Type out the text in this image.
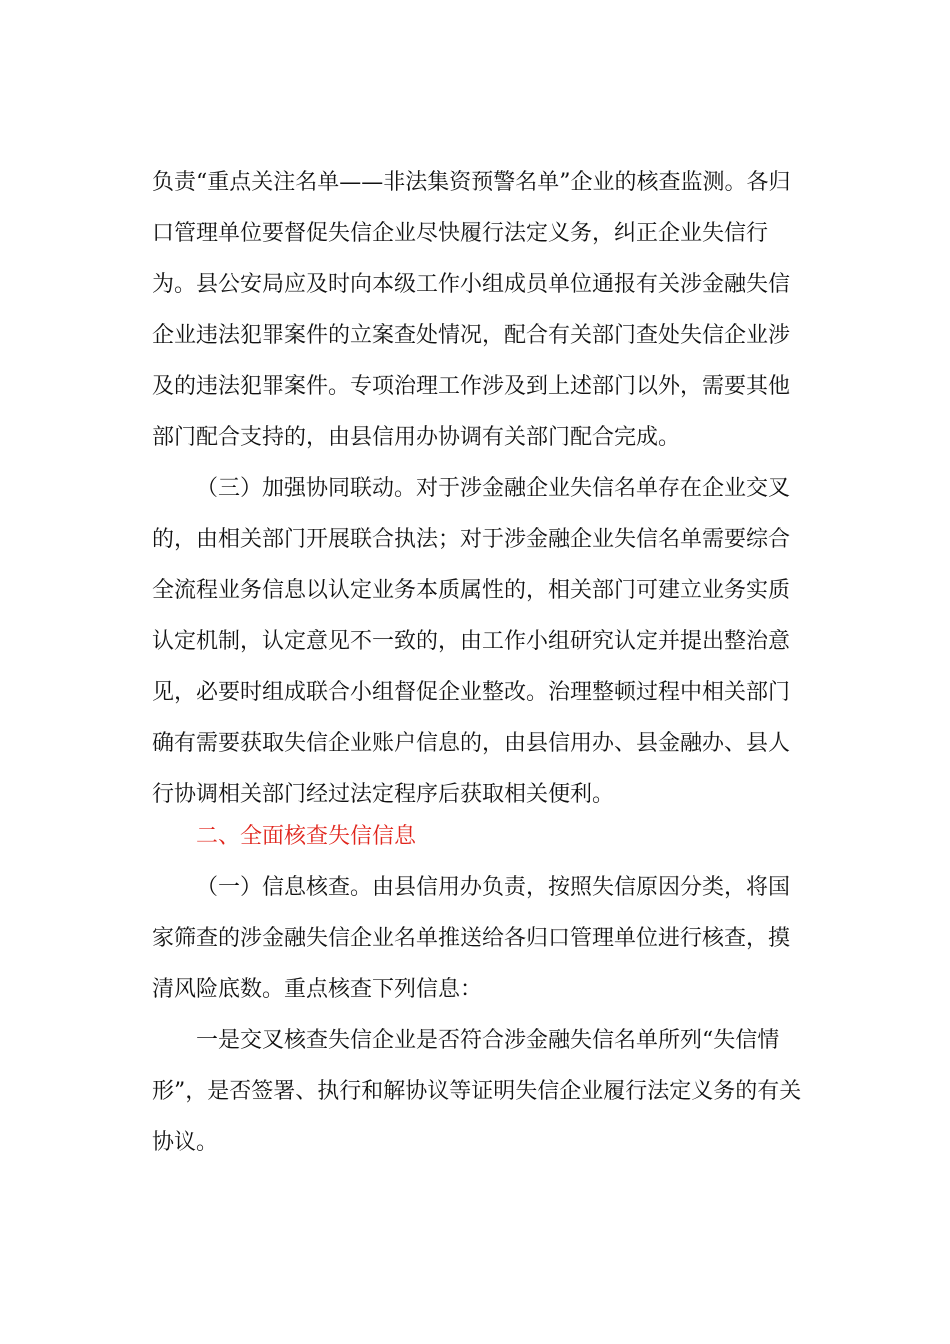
负责“重点关注名单——非法集资预警名单”企业的核查监测。各归口管理单位要督促失信企业尽快履行法定义务，纠正企业失信行为。县公安局应及时向本级工作小组成员单位通报有关涉金融失信企业违法犯罪案件的立案查处情况，配合有关部门查处失信企业涉及的违法犯罪案件。专项治理工作涉及到上述部门以外，需要其他部门配合支持的，由县信用办协调有关部门配合完成。

（三）加强协同联动。对于涉金融企业失信名单存在企业交叉的，由相关部门开展联合执法；对于涉金融企业失信名单需要综合全流程业务信息以认定业务本质属性的，相关部门可建立业务实质认定机制，认定意见不一致的，由工作小组研究认定并提出整治意见，必要时组成联合小组督促企业整改。治理整顿过程中相关部门确有需要获取失信企业账户信息的，由县信用办、县金融办、县人行协调相关部门经过法定程序后获取相关便利。

二、全面核查失信信息

（一）信息核查。由县信用办负责，按照失信原因分类，将国家筛查的涉金融失信企业名单推送给各归口管理单位进行核查，摸清风险底数。重点核查下列信息：

一是交叉核查失信企业是否符合涉金融失信名单所列“失信情形”，是否签署、执行和解协议等证明失信企业履行法定义务的有关协议。
